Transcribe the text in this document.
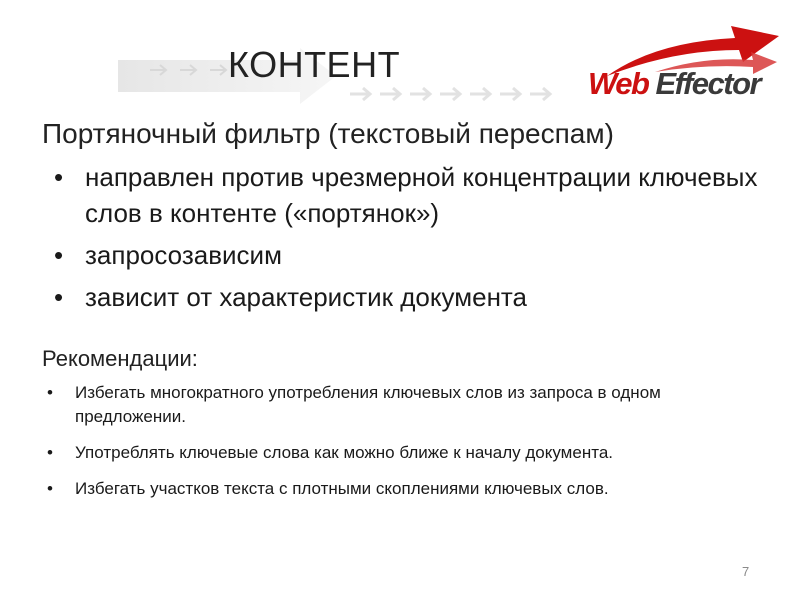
КОНТЕНТ	Web Effector
Портяночный фильтр (текстовый переспам)
• направлен против чрезмерной концентрации ключевых слов в контенте («портянок»)
• запросозависим
• зависит от характеристик документа
Рекомендации:
• Избегать многократного употребления ключевых слов из запроса в одном предложении.
• Употреблять ключевые слова как можно ближе к началу документа.
• Избегать участков текста с плотными скоплениями ключевых слов.
7
